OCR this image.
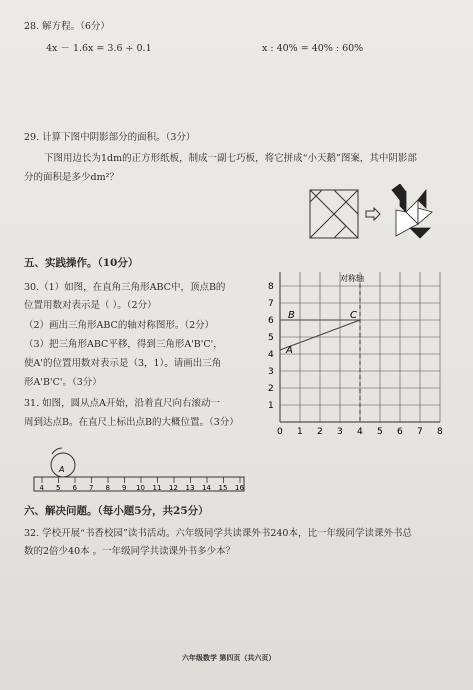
28. 解方程。（6分）
4x － 1.6x = 3.6 ÷ 0.1	x : 40% = 40% : 60%
29. 计算下图中阴影部分的面积。（3分）
下图用边长为1dm的正方形纸板，制成一副七巧板，将它拼成“小天鹅”图案，其中阴影部
分的面积是多少dm²？
五、实践操作。（10分）
30.（1）如图，在直角三角形ABC中，顶点B的
位置用数对表示是（ ）。（2分）
（2）画出三角形ABC的轴对称图形。（2分）
（3）把三角形ABC平移，得到三角形A'B'C'，
使A'的位置用数对表示是（3，1）。请画出三角
形A'B'C'。（3分）
31. 如图，圆从点A开始，沿着直尺向右滚动一
周到达点B。在直尺上标出点B的大概位置。（3分）
对称轴
0 1 2 3 4 5 6 7 8
1
2
3
4
5
6
7
8
B	C
A
A
4 5 6 7 8 9 10 11 12 13 14 15 16
六、解决问题。（每小题5分，共25分）
32. 学校开展“书香校园”读书活动。六年级同学共读课外书240本，比一年级同学读课外书总
数的2倍少40本 。一年级同学共读课外书多少本？
六年级数学 第四页（共六页）
